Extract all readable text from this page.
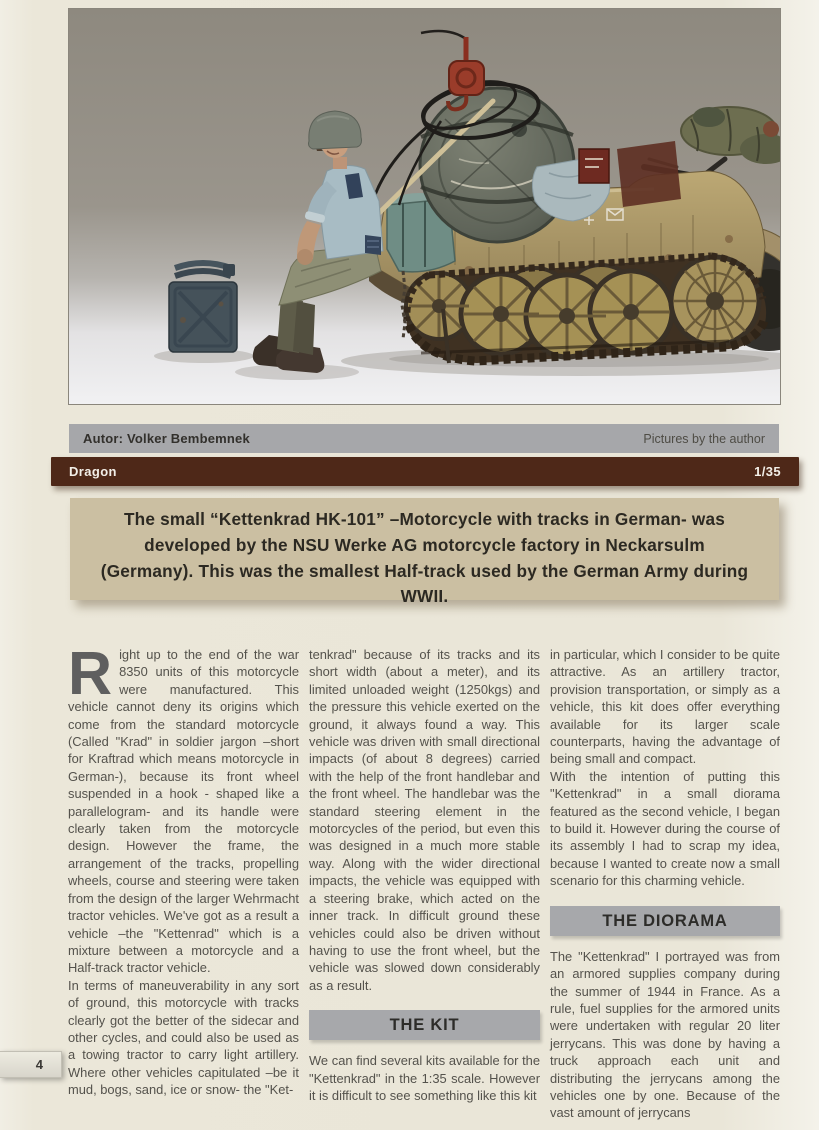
Autor: Volker Bembemnek	Pictures by the author
Dragon	1/35

The small “Kettenkrad HK-101” –Motorcycle with tracks in German- was developed by the NSU Werke AG motorcycle factory in Neckarsulm (Germany). This was the smallest Half-track used by the German Army during WWII.

Right up to the end of the war 8350 units of this motorcycle were manufactured. This vehicle cannot deny its origins which come from the standard motorcycle (Called "Krad" in soldier jargon –short for Kraftrad which means motorcycle in German-), because its front wheel suspended in a hook - shaped like a parallelogram- and its handle were clearly taken from the motorcycle design. However the frame, the arrangement of the tracks, propelling wheels, course and steering were taken from the design of the larger Wehrmacht tractor vehicles. We've got as a result a vehicle –the "Kettenrad" which is a mixture between a motorcycle and a Half-track tractor vehicle.

In terms of maneuverability in any sort of ground, this motorcycle with tracks clearly got the better of the sidecar and other cycles, and could also be used as a towing tractor to carry light artillery. Where other vehicles capitulated –be it mud, bogs, sand, ice or snow- the "Ket-

tenkrad" because of its tracks and its short width (about a meter), and its limited unloaded weight (1250kgs) and the pressure this vehicle exerted on the ground, it always found a way. This vehicle was driven with small directional impacts (of about 8 degrees) carried with the help of the front handlebar and the front wheel. The handlebar was the standard steering element in the motorcycles of the period, but even this was designed in a much more stable way. Along with the wider directional impacts, the vehicle was equipped with a steering brake, which acted on the inner track. In difficult ground these vehicles could also be driven without having to use the front wheel, but the vehicle was slowed down considerably as a result.

THE KIT

We can find several kits available for the "Kettenkrad" in the 1:35 scale. However it is difficult to see something like this kit

in particular, which I consider to be quite attractive. As an artillery tractor, provision transportation, or simply as a vehicle, this kit does offer everything available for its larger scale counterparts, having the advantage of being small and compact.

With the intention of putting this "Kettenkrad" in a small diorama featured as the second vehicle, I began to build it. However during the course of its assembly I had to scrap my idea, because I wanted to create now a small scenario for this charming vehicle.

THE DIORAMA

The "Kettenkrad" I portrayed was from an armored supplies company during the summer of 1944 in France. As a rule, fuel supplies for the armored units were undertaken with regular 20 liter jerrycans. This was done by having a truck approach each unit and distributing the jerrycans among the vehicles one by one. Because of the vast amount of jerrycans

4
